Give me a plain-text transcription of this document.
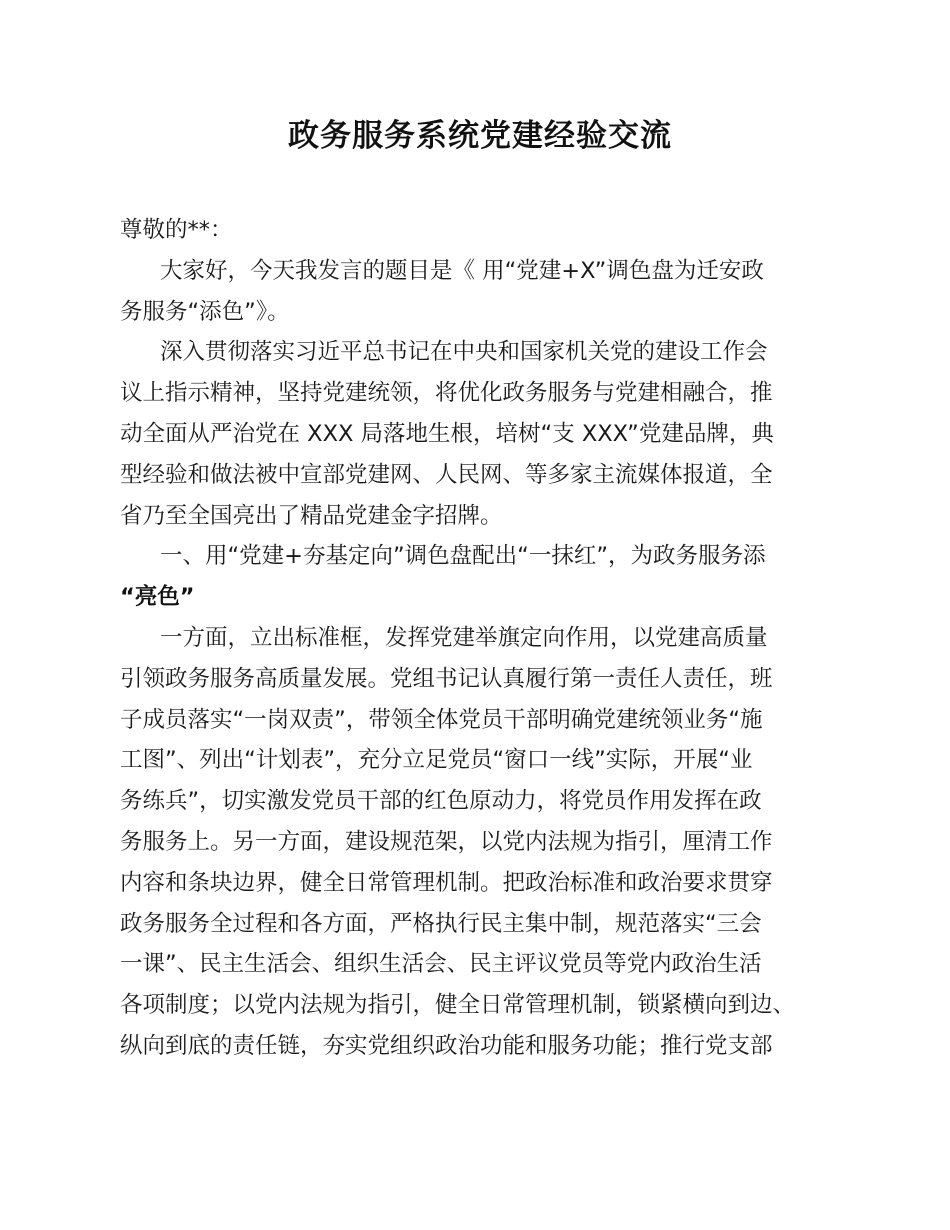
政务服务系统党建经验交流
尊敬的**：
大家好，今天我发言的题目是《 用“党建+X”调色盘为迁安政
务服务“添色”》。
深入贯彻落实习近平总书记在中央和国家机关党的建设工作会
议上指示精神，坚持党建统领，将优化政务服务与党建相融合，推
动全面从严治党在 XXX 局落地生根，培树“支 XXX”党建品牌，典
型经验和做法被中宣部党建网、人民网、等多家主流媒体报道，全
省乃至全国亮出了精品党建金字招牌。
一、用“党建+夯基定向”调色盘配出“一抹红”，为政务服务添
“亮色”
一方面，立出标准框，发挥党建举旗定向作用，以党建高质量
引领政务服务高质量发展。党组书记认真履行第一责任人责任，班
子成员落实“一岗双责”，带领全体党员干部明确党建统领业务“施
工图”、列出“计划表”，充分立足党员“窗口一线”实际，开展“业
务练兵”，切实激发党员干部的红色原动力，将党员作用发挥在政
务服务上。另一方面，建设规范架，以党内法规为指引，厘清工作
内容和条块边界，健全日常管理机制。把政治标准和政治要求贯穿
政务服务全过程和各方面，严格执行民主集中制，规范落实“三会
一课”、民主生活会、组织生活会、民主评议党员等党内政治生活
各项制度；以党内法规为指引，健全日常管理机制，锁紧横向到边、
纵向到底的责任链，夯实党组织政治功能和服务功能；推行党支部
